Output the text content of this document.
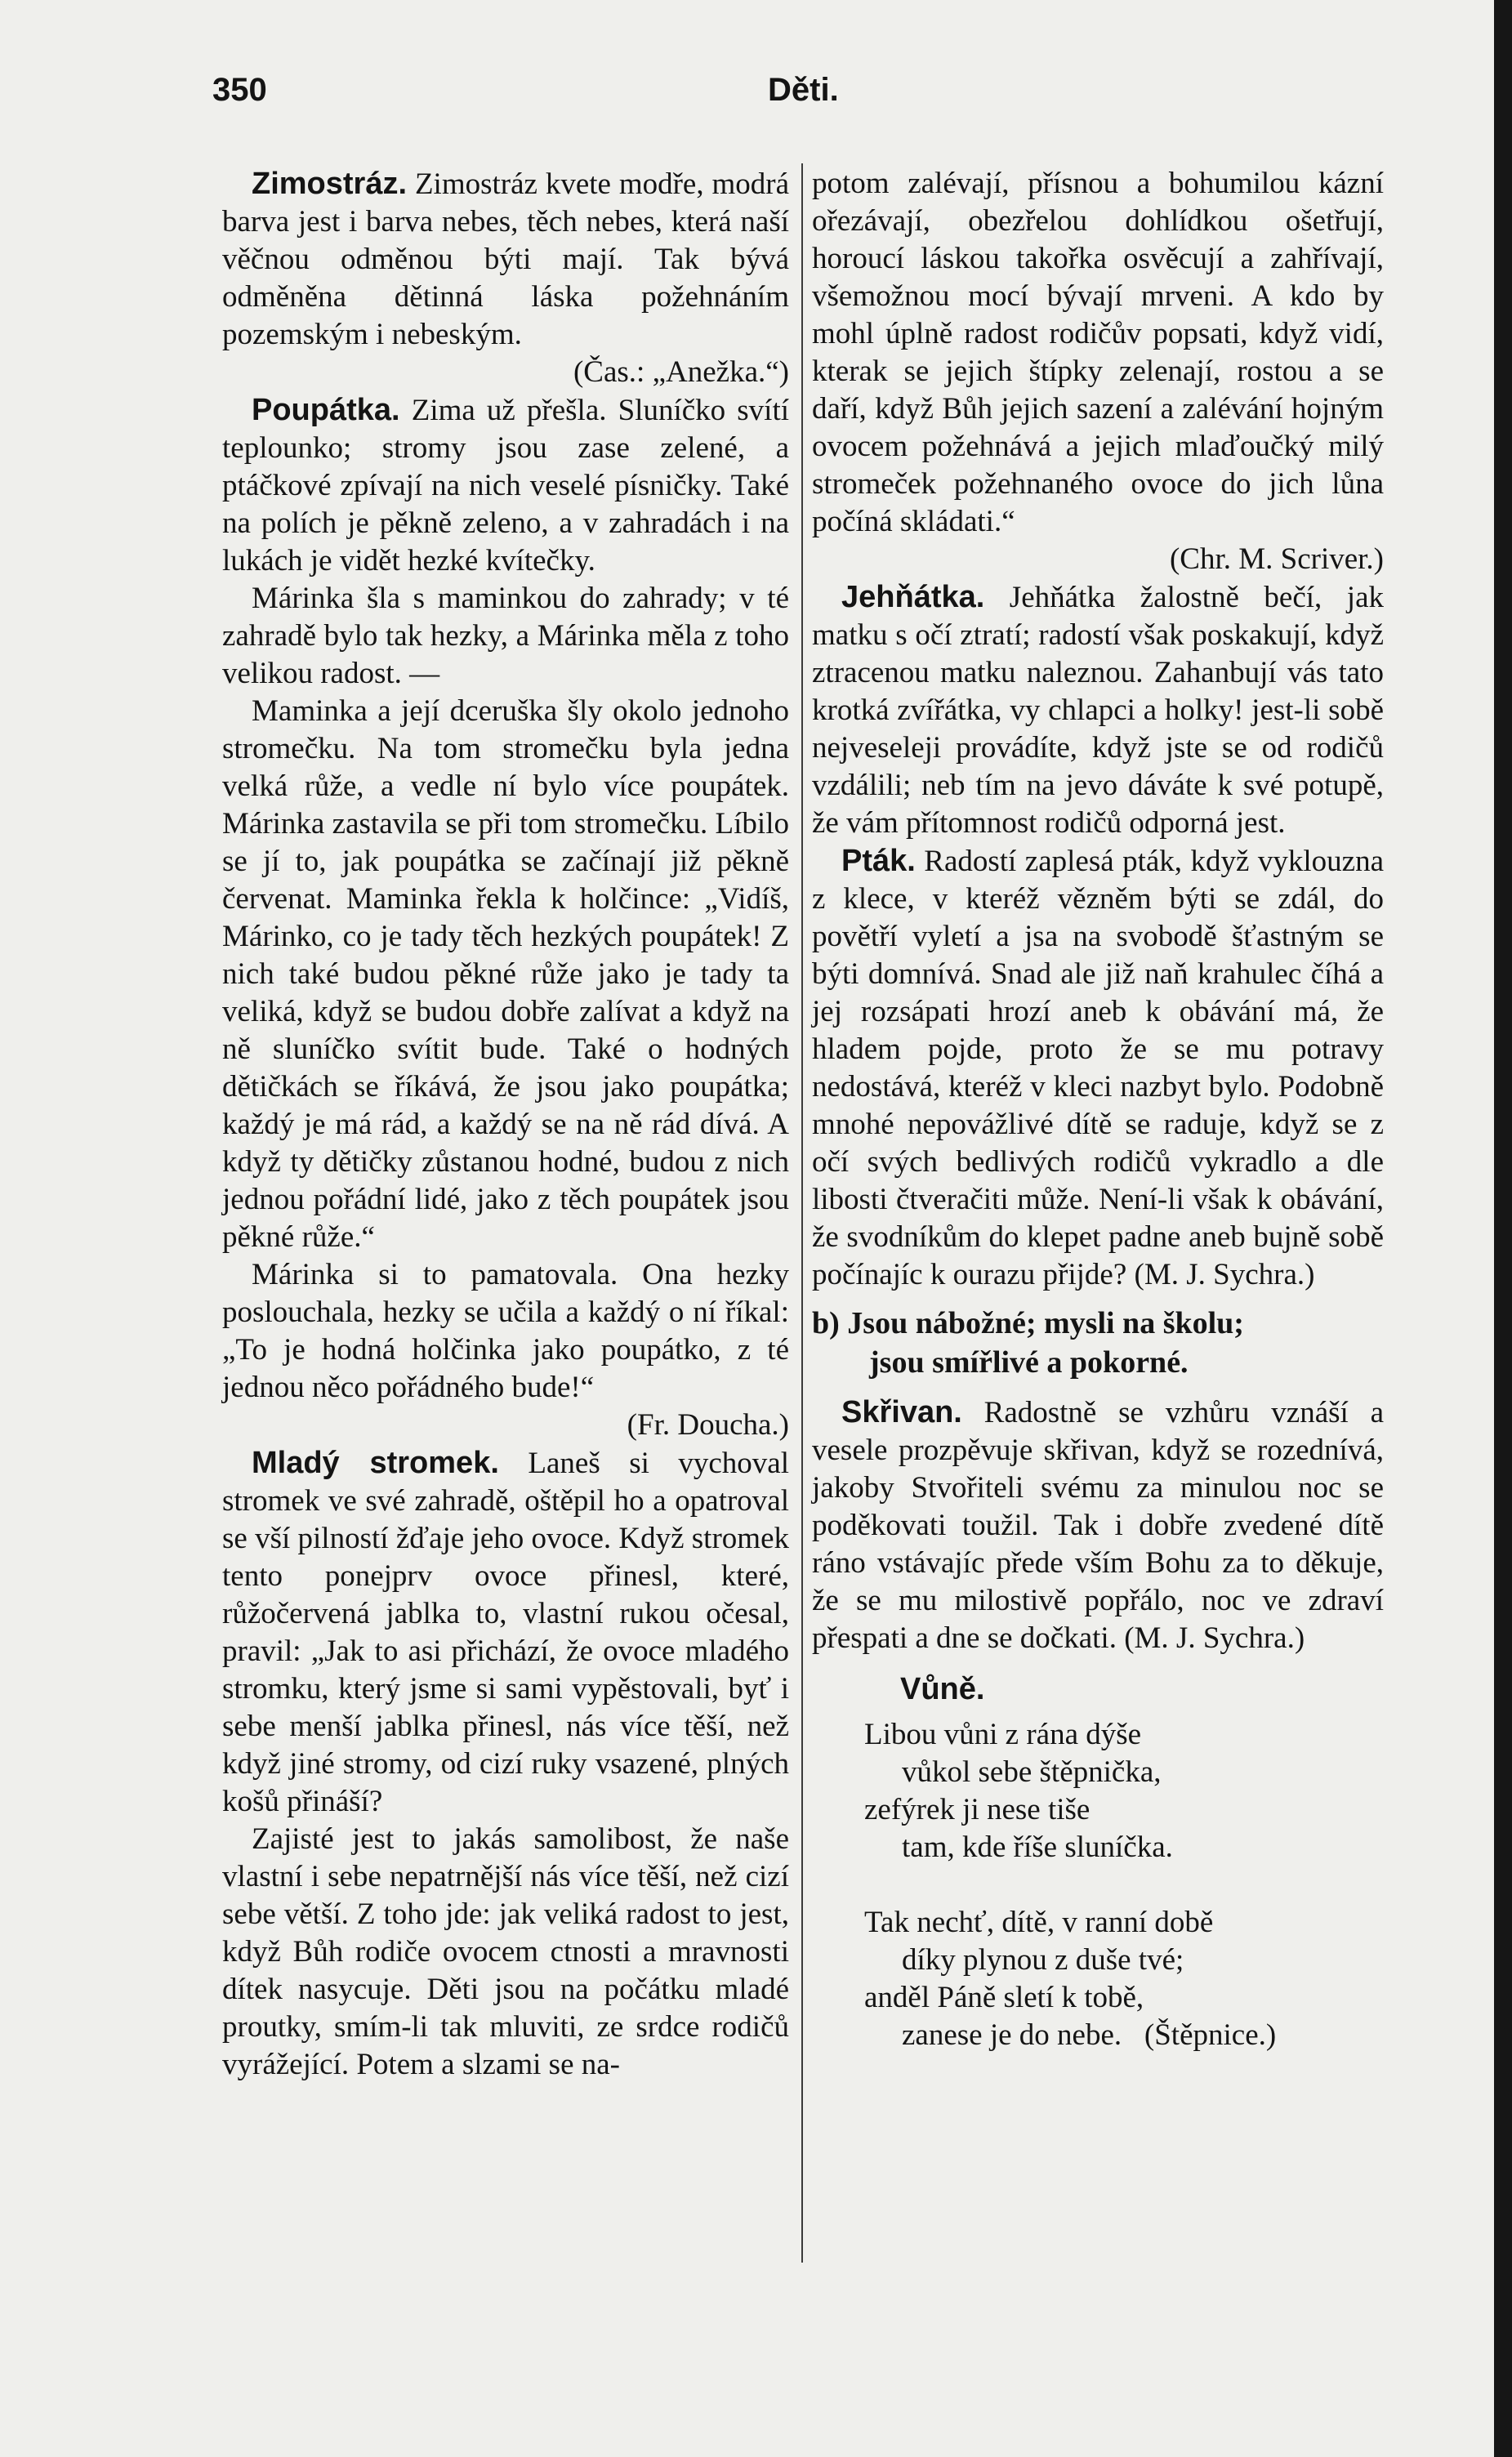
350	Děti.

Zimostráz. Zimostráz kvete modře, modrá barva jest i barva nebes, těch nebes, která naší věčnou odměnou býti mají. Tak bývá odměněna dětinná láska požehnáním pozemským i nebeským.

(Čas.: „Anežka.“)

Poupátka. Zima už přešla. Sluníčko svítí teplounko; stromy jsou zase zelené, a ptáčkové zpívají na nich veselé písničky. Také na polích je pěkně zeleno, a v zahradách i na lukách je vidět hezké kvítečky.

Márinka šla s maminkou do zahrady; v té zahradě bylo tak hezky, a Márinka měla z toho velikou radost. —

Maminka a její dceruška šly okolo jednoho stromečku. Na tom stromečku byla jedna velká růže, a vedle ní bylo více poupátek. Márinka zastavila se při tom stromečku. Líbilo se jí to, jak poupátka se začínají již pěkně červenat. Maminka řekla k holčince: „Vidíš, Márinko, co je tady těch hezkých poupátek! Z nich také budou pěkné růže jako je tady ta veliká, když se budou dobře zalívat a když na ně sluníčko svítit bude. Také o hodných dětičkách se říkává, že jsou jako poupátka; každý je má rád, a každý se na ně rád dívá. A když ty dětičky zůstanou hodné, budou z nich jednou pořádní lidé, jako z těch poupátek jsou pěkné růže.“

Márinka si to pamatovala. Ona hezky poslouchala, hezky se učila a každý o ní říkal: „To je hodná holčinka jako poupátko, z té jednou něco pořádného bude!“

(Fr. Doucha.)

Mladý stromek. Laneš si vychoval stromek ve své zahradě, oštěpil ho a opatroval se vší pilností žďaje jeho ovoce. Když stromek tento ponejprv ovoce přinesl, které, růžočervená jablka to, vlastní rukou očesal, pravil: „Jak to asi přichází, že ovoce mladého stromku, který jsme si sami vypěstovali, byť i sebe menší jablka přinesl, nás více těší, než když jiné stromy, od cizí ruky vsazené, plných košů přináší?

Zajisté jest to jakás samolibost, že naše vlastní i sebe nepatrnější nás více těší, než cizí sebe větší. Z toho jde: jak veliká radost to jest, když Bůh rodiče ovocem ctnosti a mravnosti dítek nasycuje. Děti jsou na počátku mladé proutky, smím-li tak mluviti, ze srdce rodičů vyrážející. Potem a slzami se na-

potom zalévají, přísnou a bohumilou kázní ořezávají, obezřelou dohlídkou ošetřují, horoucí láskou takořka osvěcují a zahřívají, všemožnou mocí bývají mrveni. A kdo by mohl úplně radost rodičův popsati, když vidí, kterak se jejich štípky zelenají, rostou a se daří, když Bůh jejich sazení a zalévání hojným ovocem požehnává a jejich mlaďoučký milý stromeček požehnaného ovoce do jich lůna počíná skládati.“

(Chr. M. Scriver.)

Jehňátka. Jehňátka žalostně bečí, jak matku s očí ztratí; radostí však poskakují, když ztracenou matku naleznou. Zahanbují vás tato krotká zvířátka, vy chlapci a holky! jest-li sobě nejveseleji provádíte, když jste se od rodičů vzdálili; neb tím na jevo dáváte k své potupě, že vám přítomnost rodičů odporná jest.

Pták. Radostí zaplesá pták, když vyklouzna z klece, v kteréž vězněm býti se zdál, do povětří vyletí a jsa na svobodě šťastným se býti domnívá. Snad ale již naň krahulec číhá a jej rozsápati hrozí aneb k obávání má, že hladem pojde, proto že se mu potravy nedostává, kteréž v kleci nazbyt bylo. Podobně mnohé nepovážlivé dítě se raduje, když se z očí svých bedlivých rodičů vykradlo a dle libosti čtveračiti může. Není-li však k obávání, že svodníkům do klepet padne aneb bujně sobě počínajíc k ourazu přijde? (M. J. Sychra.)

b) Jsou nábožné; mysli na školu;
jsou smířlivé a pokorné.

Skřivan. Radostně se vzhůru vznáší a vesele prozpěvuje skřivan, když se rozednívá, jakoby Stvořiteli svému za minulou noc se poděkovati toužil. Tak i dobře zvedené dítě ráno vstávajíc přede vším Bohu za to děkuje, že se mu milostivě popřálo, noc ve zdraví přespati a dne se dočkati. (M. J. Sychra.)

Vůně.
Libou vůni z rána dýše
vůkol sebe štěpnička,
zefýrek ji nese tiše
tam, kde říše sluníčka.
Tak nechť, dítě, v ranní době
díky plynou z duše tvé;
anděl Páně sletí k tobě,
zanese je do nebe. (Štěpnice.)
